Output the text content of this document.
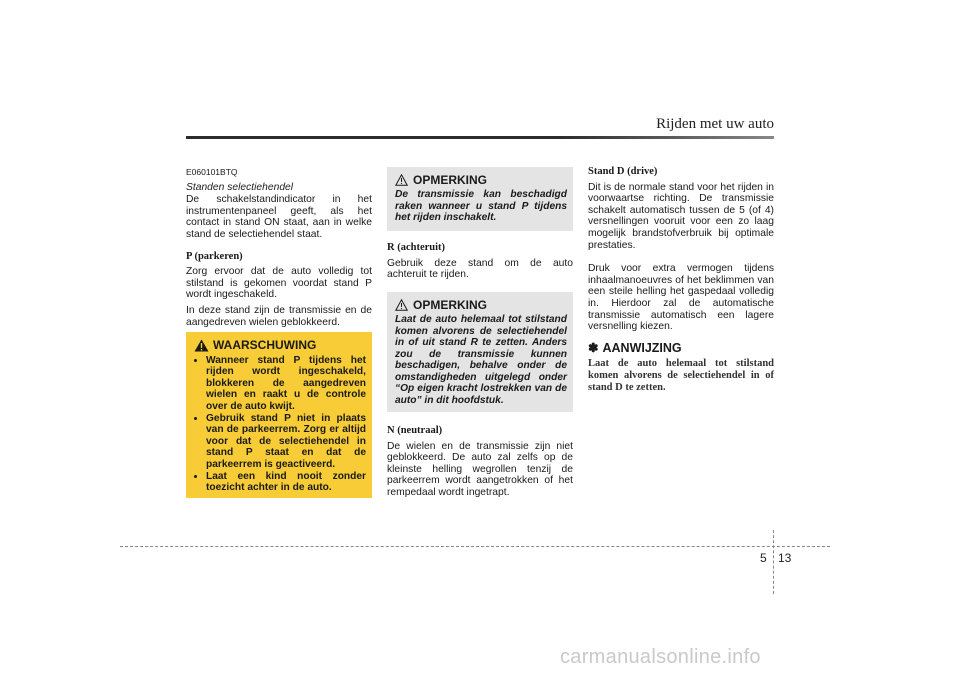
Rijden met uw auto

E060101BTQ

Standen selectiehendel

De schakelstandindicator in het instrumentenpaneel geeft, als het contact in stand ON staat, aan in welke stand de selectiehendel staat.

P (parkeren)

Zorg ervoor dat de auto volledig tot stilstand is gekomen voordat stand P wordt ingeschakeld.

In deze stand zijn de transmissie en de aangedreven wielen geblokkeerd.

WAARSCHUWING
• Wanneer stand P tijdens het rijden wordt ingeschakeld, blokkeren de aangedreven wielen en raakt u de controle over de auto kwijt.
• Gebruik stand P niet in plaats van de parkeerrem. Zorg er altijd voor dat de selectiehendel in stand P staat en dat de parkeerrem is geactiveerd.
• Laat een kind nooit zonder toezicht achter in de auto.
OPMERKING
De transmissie kan beschadigd raken wanneer u stand P tijdens het rijden inschakelt.

R (achteruit)

Gebruik deze stand om de auto achteruit te rijden.

OPMERKING
Laat de auto helemaal tot stilstand komen alvorens de selectiehendel in of uit stand R te zetten. Anders zou de transmissie kunnen beschadigen, behalve onder de omstandigheden uitgelegd onder “Op eigen kracht lostrekken van de auto” in dit hoofdstuk.

N (neutraal)

De wielen en de transmissie zijn niet geblokkeerd. De auto zal zelfs op de kleinste helling wegrollen tenzij de parkeerrem wordt aangetrokken of het rempedaal wordt ingetrapt.

Stand D (drive)

Dit is de normale stand voor het rijden in voorwaartse richting. De transmissie schakelt automatisch tussen de 5 (of 4) versnellingen vooruit voor een zo laag mogelijk brandstofverbruik bij optimale prestaties.

Druk voor extra vermogen tijdens inhaalmanoeuvres of het beklimmen van een steile helling het gaspedaal volledig in. Hierdoor zal de automatische transmissie automatisch een lagere versnelling kiezen.

✽ AANWIJZING
Laat de auto helemaal tot stilstand komen alvorens de selectiehendel in of stand D te zetten.
5 13
carmanualsonline.info
